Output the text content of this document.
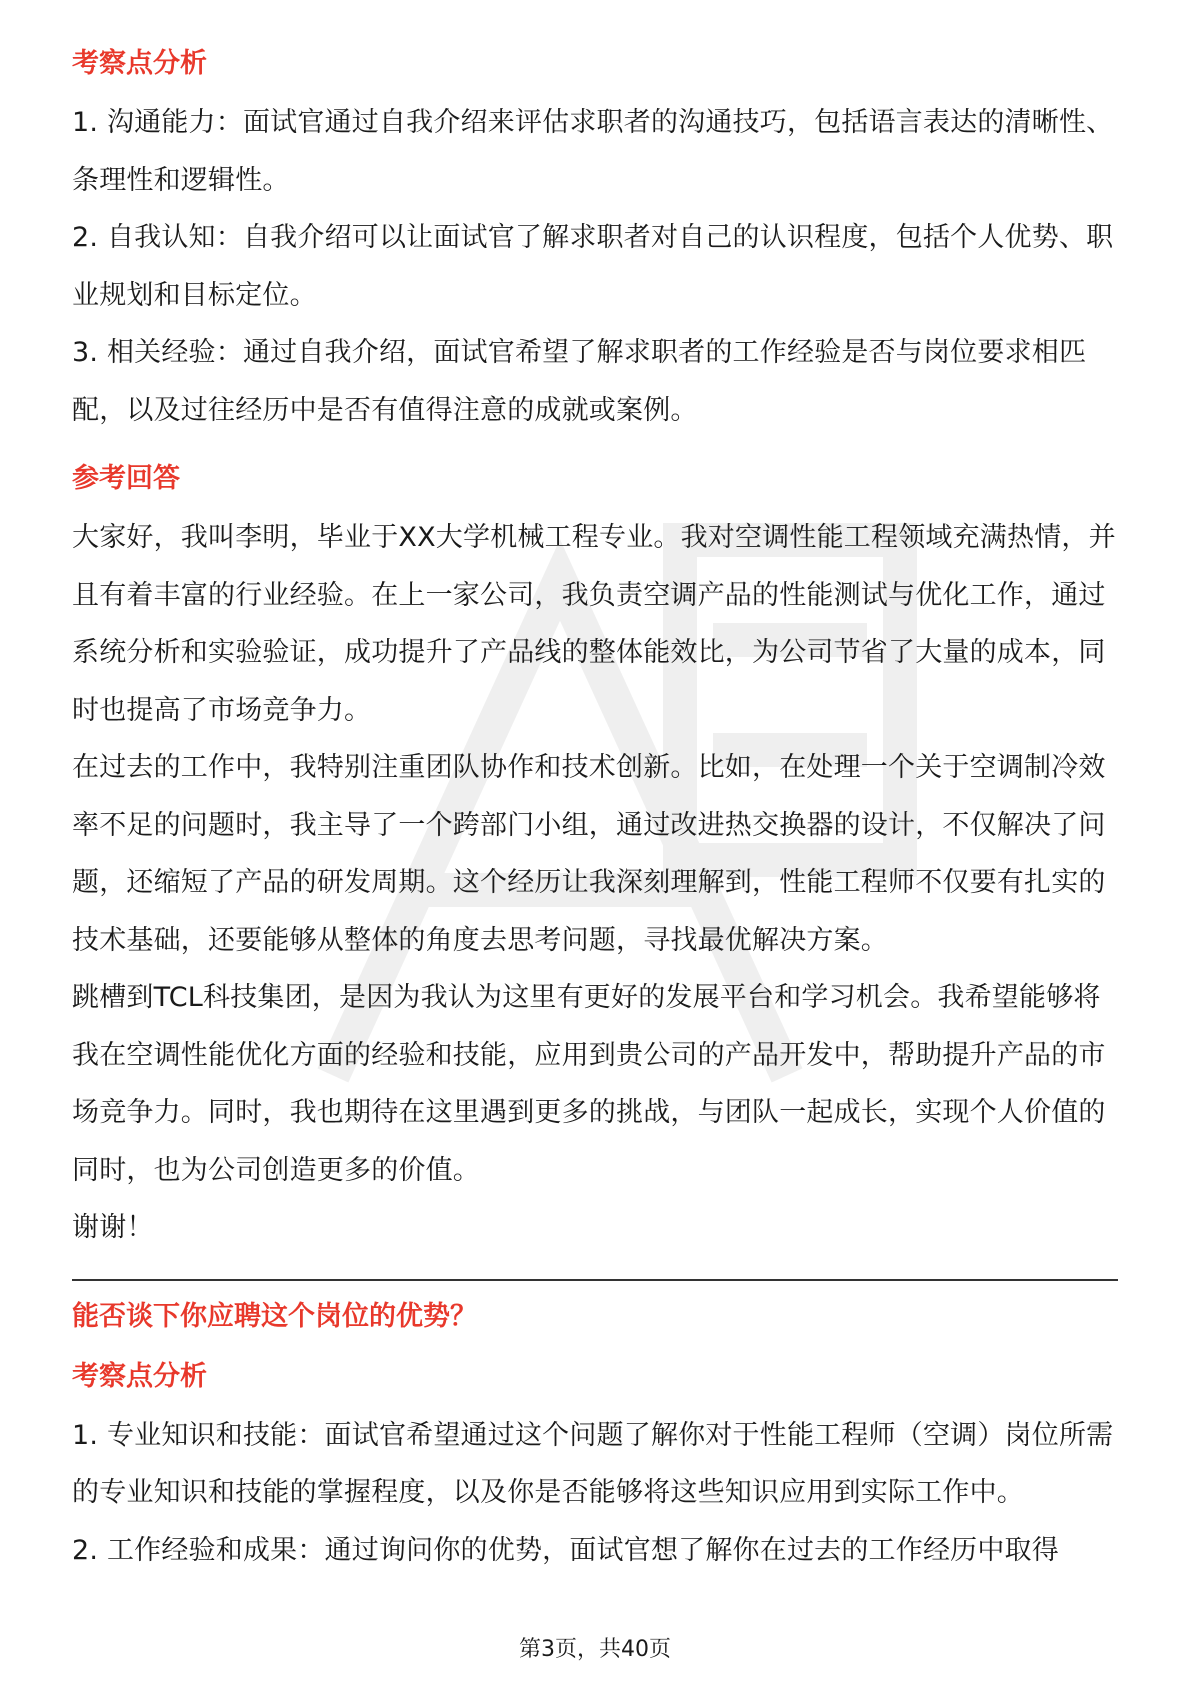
考察点分析

1. 沟通能力：面试官通过自我介绍来评估求职者的沟通技巧，包括语言表达的清晰性、条理性和逻辑性。

2. 自我认知：自我介绍可以让面试官了解求职者对自己的认识程度，包括个人优势、职业规划和目标定位。

3. 相关经验：通过自我介绍，面试官希望了解求职者的工作经验是否与岗位要求相匹配，以及过往经历中是否有值得注意的成就或案例。

参考回答

大家好，我叫李明，毕业于XX大学机械工程专业。我对空调性能工程领域充满热情，并且有着丰富的行业经验。在上一家公司，我负责空调产品的性能测试与优化工作，通过系统分析和实验验证，成功提升了产品线的整体能效比，为公司节省了大量的成本，同时也提高了市场竞争力。

在过去的工作中，我特别注重团队协作和技术创新。比如，在处理一个关于空调制冷效率不足的问题时，我主导了一个跨部门小组，通过改进热交换器的设计，不仅解决了问题，还缩短了产品的研发周期。这个经历让我深刻理解到，性能工程师不仅要有扎实的技术基础，还要能够从整体的角度去思考问题，寻找最优解决方案。

跳槽到TCL科技集团，是因为我认为这里有更好的发展平台和学习机会。我希望能够将我在空调性能优化方面的经验和技能，应用到贵公司的产品开发中，帮助提升产品的市场竞争力。同时，我也期待在这里遇到更多的挑战，与团队一起成长，实现个人价值的同时，也为公司创造更多的价值。

谢谢！

能否谈下你应聘这个岗位的优势？
考察点分析

1. 专业知识和技能：面试官希望通过这个问题了解你对于性能工程师（空调）岗位所需的专业知识和技能的掌握程度，以及你是否能够将这些知识应用到实际工作中。

2. 工作经验和成果：通过询问你的优势，面试官想了解你在过去的工作经历中取得

第3页，共40页
